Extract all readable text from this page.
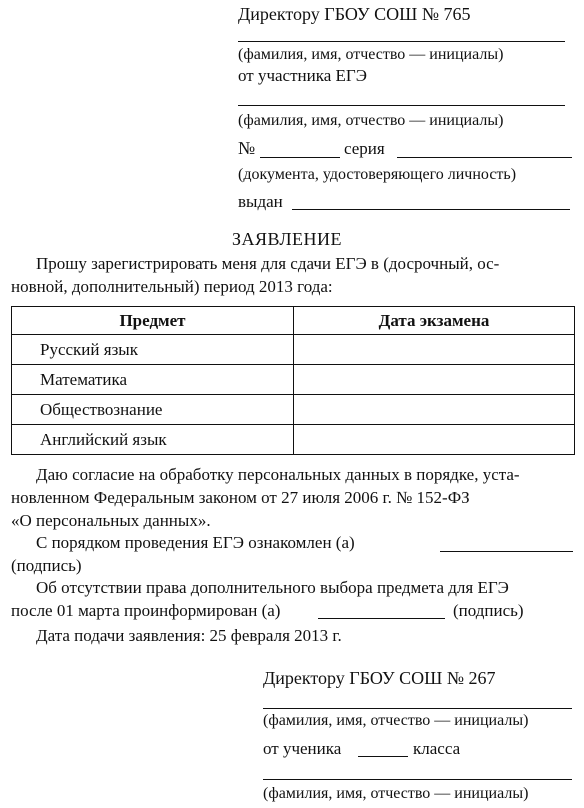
Директору ГБОУ СОШ № 765
(фамилия, имя, отчество — инициалы)
от участника ЕГЭ
(фамилия, имя, отчество — инициалы)
№	серия
(документа, удостоверяющего личность)
выдан
ЗАЯВЛЕНИЕ
Прошу зарегистрировать меня для сдачи ЕГЭ в (досрочный, ос-
новной, дополнительный) период 2013 года:
Предмет	Дата экзамена
Русский язык	
Математика	
Обществознание	
Английский язык	
Даю согласие на обработку персональных данных в порядке, уста-
новленном Федеральным законом от 27 июля 2006 г. № 152-ФЗ
«О персональных данных».
С порядком проведения ЕГЭ ознакомлен (а)
(подпись)
Об отсутствии права дополнительного выбора предмета для ЕГЭ
после 01 марта проинформирован (а)	(подпись)
Дата подачи заявления: 25 февраля 2013 г.
Директору ГБОУ СОШ № 267
(фамилия, имя, отчество — инициалы)
от ученика	класса
(фамилия, имя, отчество — инициалы)
